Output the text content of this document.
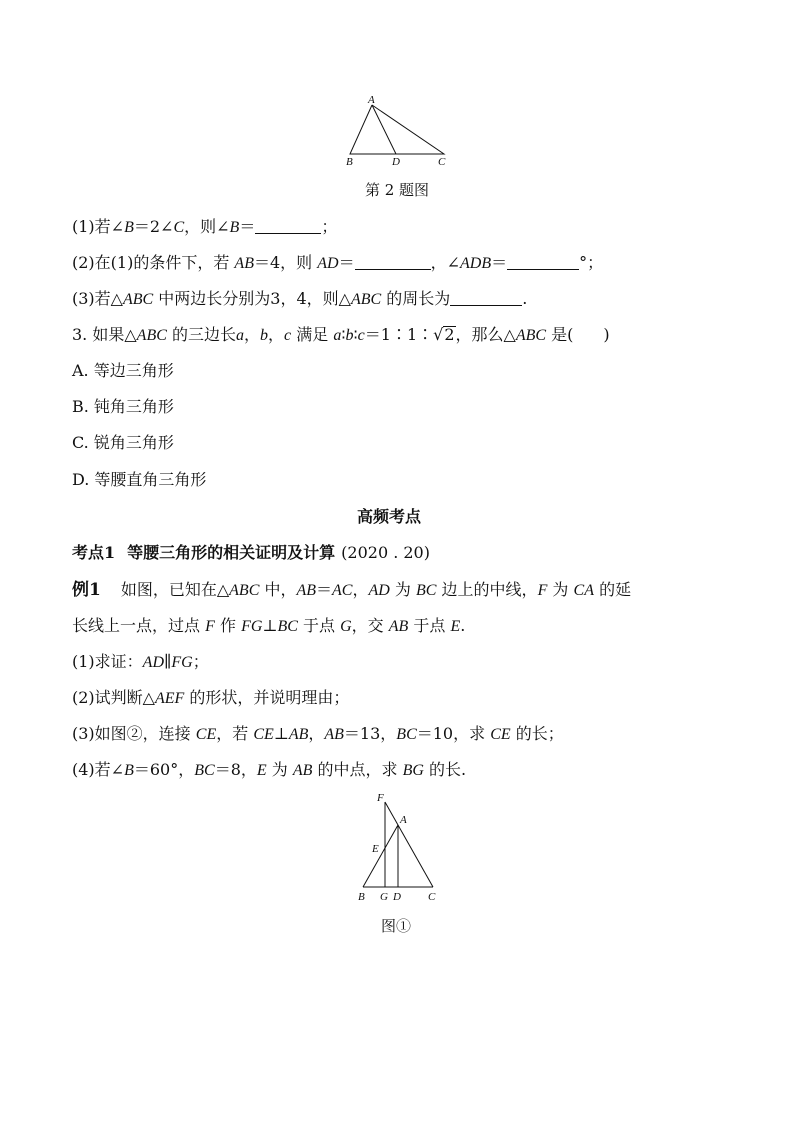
A
B	D	C
第 2 题图
(1)若∠B＝2∠C，则∠B＝	；
(2)在(1)的条件下，若 AB＝4，则 AD＝	，∠ADB＝	°；
(3)若△ABC 中两边长分别为3，4，则△ABC 的周长为	.
3. 如果△ABC 的三边长a，b，c 满足 a∶b∶c＝1∶1∶√2，那么△ABC 是( )
A. 等边三角形
B. 钝角三角形
C. 锐角三角形
D. 等腰直角三角形
高频考点
考点1 等腰三角形的相关证明及计算 (2020 . 20)
例1 如图，已知在△ABC 中，AB＝AC，AD 为 BC 边上的中线，F 为 CA 的延
长线上一点，过点 F 作 FG⊥BC 于点 G，交 AB 于点 E.
(1)求证：AD∥FG；
(2)试判断△AEF 的形状，并说明理由；
(3)如图②，连接 CE，若 CE⊥AB，AB＝13，BC＝10，求 CE 的长；
(4)若∠B＝60°，BC＝8，E 为 AB 的中点，求 BG 的长.
F
A
E
B G D C
图①
